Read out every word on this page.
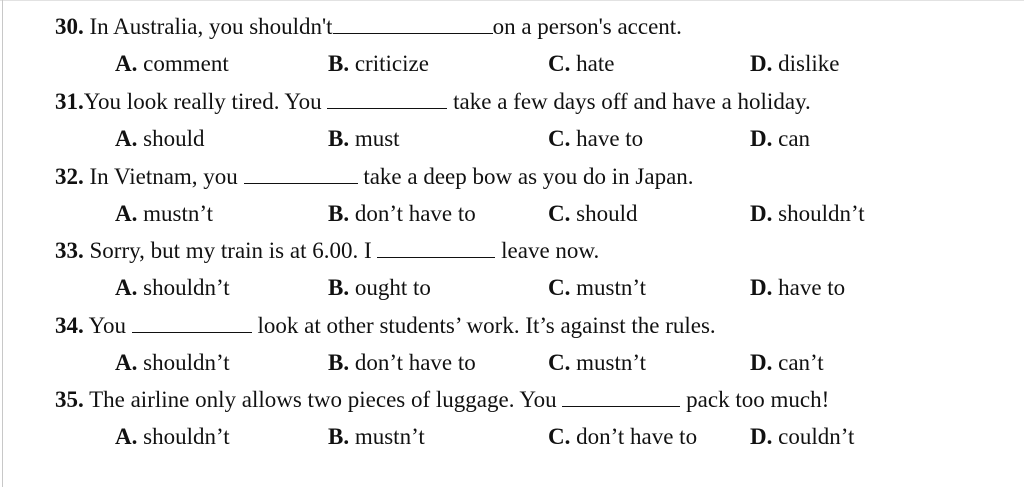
30. In Australia, you shouldn't	on a person's accent.
A. comment	B. criticize	C. hate	D. dislike
31.You look really tired. You	take a few days off and have a holiday.
A. should	B. must	C. have to	D. can
32. In Vietnam, you	take a deep bow as you do in Japan.
A. mustn’t	B. don’t have to	C. should	D. shouldn’t
33. Sorry, but my train is at 6.00. I	leave now.
A. shouldn’t	B. ought to	C. mustn’t	D. have to
34. You	look at other students’ work. It’s against the rules.
A. shouldn’t	B. don’t have to	C. mustn’t	D. can’t
35. The airline only allows two pieces of luggage. You	pack too much!
A. shouldn’t	B. mustn’t	C. don’t have to D. couldn’t
